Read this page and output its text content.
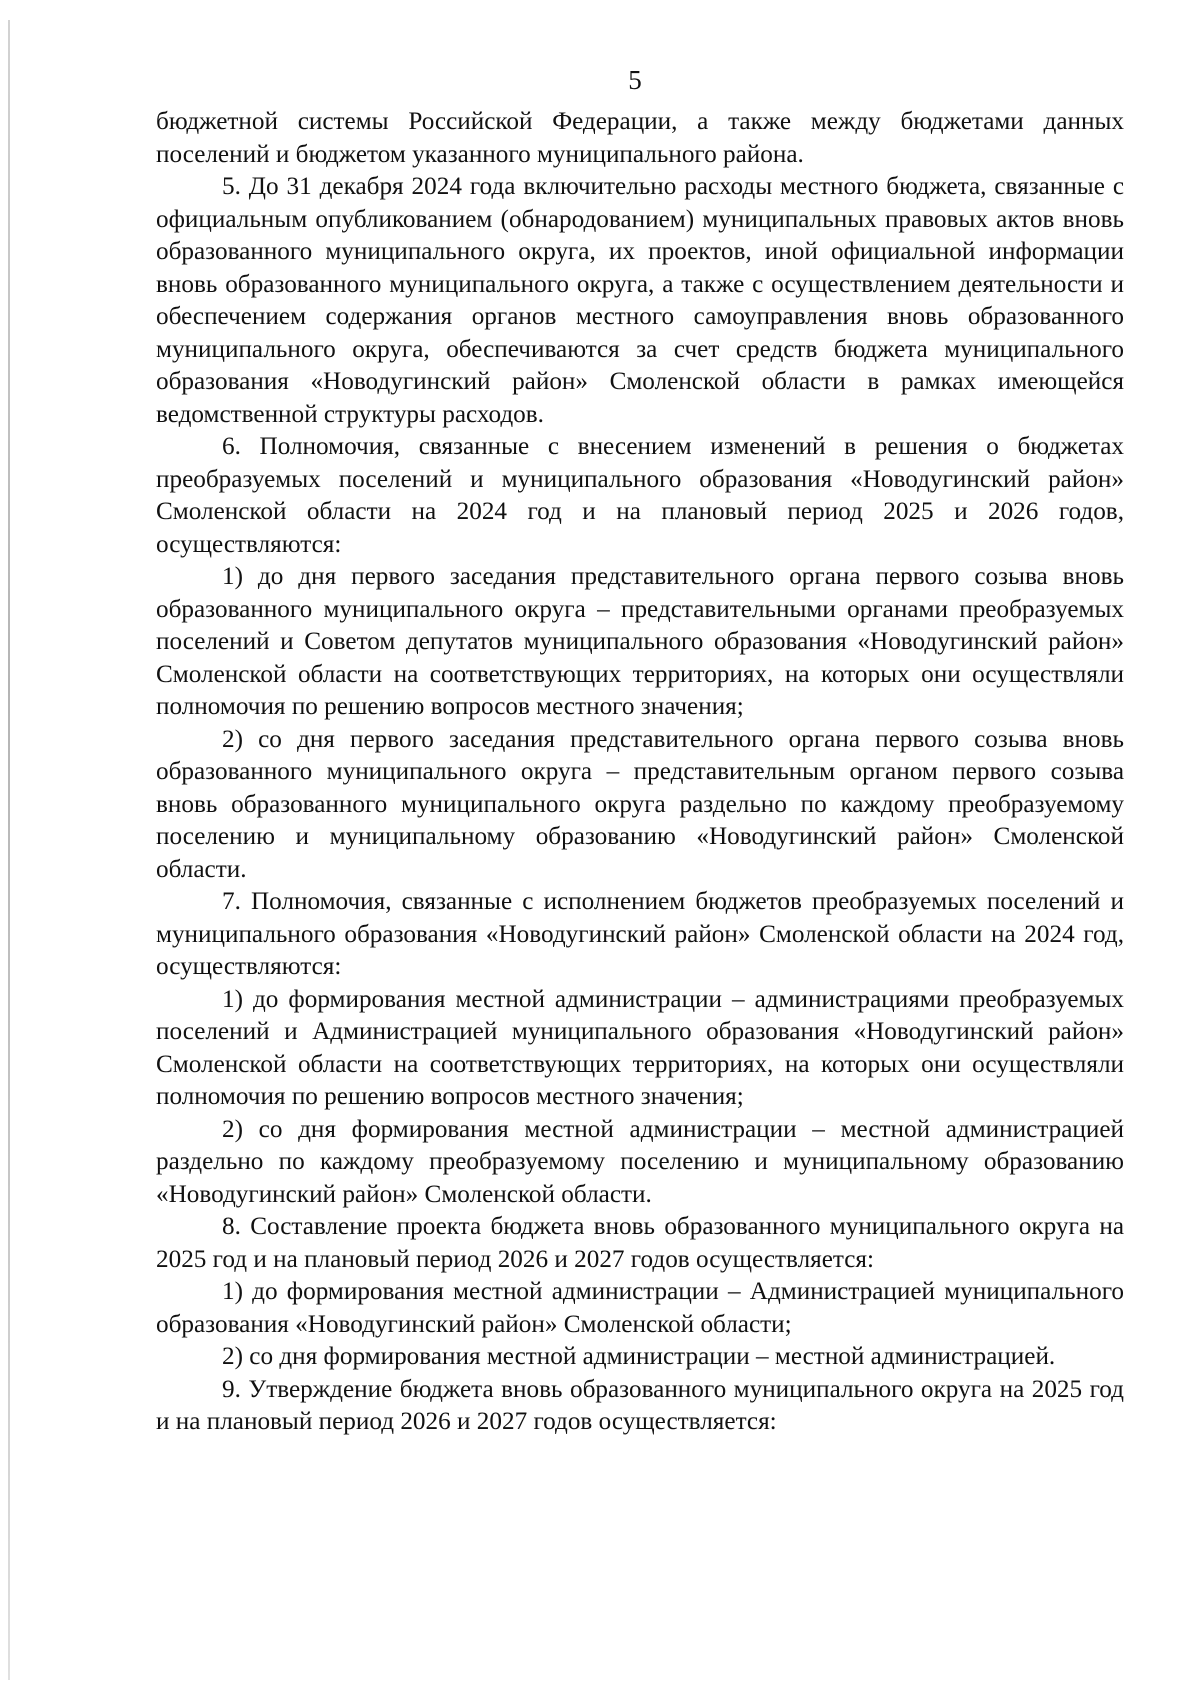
5

бюджетной системы Российской Федерации, а также между бюджетами данных поселений и бюджетом указанного муниципального района.

5. До 31 декабря 2024 года включительно расходы местного бюджета, связанные с официальным опубликованием (обнародованием) муниципальных правовых актов вновь образованного муниципального округа, их проектов, иной официальной информации вновь образованного муниципального округа, а также с осуществлением деятельности и обеспечением содержания органов местного самоуправления вновь образованного муниципального округа, обеспечиваются за счет средств бюджета муниципального образования «Новодугинский район» Смоленской области в рамках имеющейся ведомственной структуры расходов.

6. Полномочия, связанные с внесением изменений в решения о бюджетах преобразуемых поселений и муниципального образования «Новодугинский район» Смоленской области на 2024 год и на плановый период 2025 и 2026 годов, осуществляются:

1) до дня первого заседания представительного органа первого созыва вновь образованного муниципального округа – представительными органами преобразуемых поселений и Советом депутатов муниципального образования «Новодугинский район» Смоленской области на соответствующих территориях, на которых они осуществляли полномочия по решению вопросов местного значения;

2) со дня первого заседания представительного органа первого созыва вновь образованного муниципального округа – представительным органом первого созыва вновь образованного муниципального округа раздельно по каждому преобразуемому поселению и муниципальному образованию «Новодугинский район» Смоленской области.

7. Полномочия, связанные с исполнением бюджетов преобразуемых поселений и муниципального образования «Новодугинский район» Смоленской области на 2024 год, осуществляются:

1) до формирования местной администрации – администрациями преобразуемых поселений и Администрацией муниципального образования «Новодугинский район» Смоленской области на соответствующих территориях, на которых они осуществляли полномочия по решению вопросов местного значения;

2) со дня формирования местной администрации – местной администрацией раздельно по каждому преобразуемому поселению и муниципальному образованию «Новодугинский район» Смоленской области.

8. Составление проекта бюджета вновь образованного муниципального округа на 2025 год и на плановый период 2026 и 2027 годов осуществляется:

1) до формирования местной администрации – Администрацией муниципального образования «Новодугинский район» Смоленской области;

2) со дня формирования местной администрации – местной администрацией.

9. Утверждение бюджета вновь образованного муниципального округа на 2025 год и на плановый период 2026 и 2027 годов осуществляется:
